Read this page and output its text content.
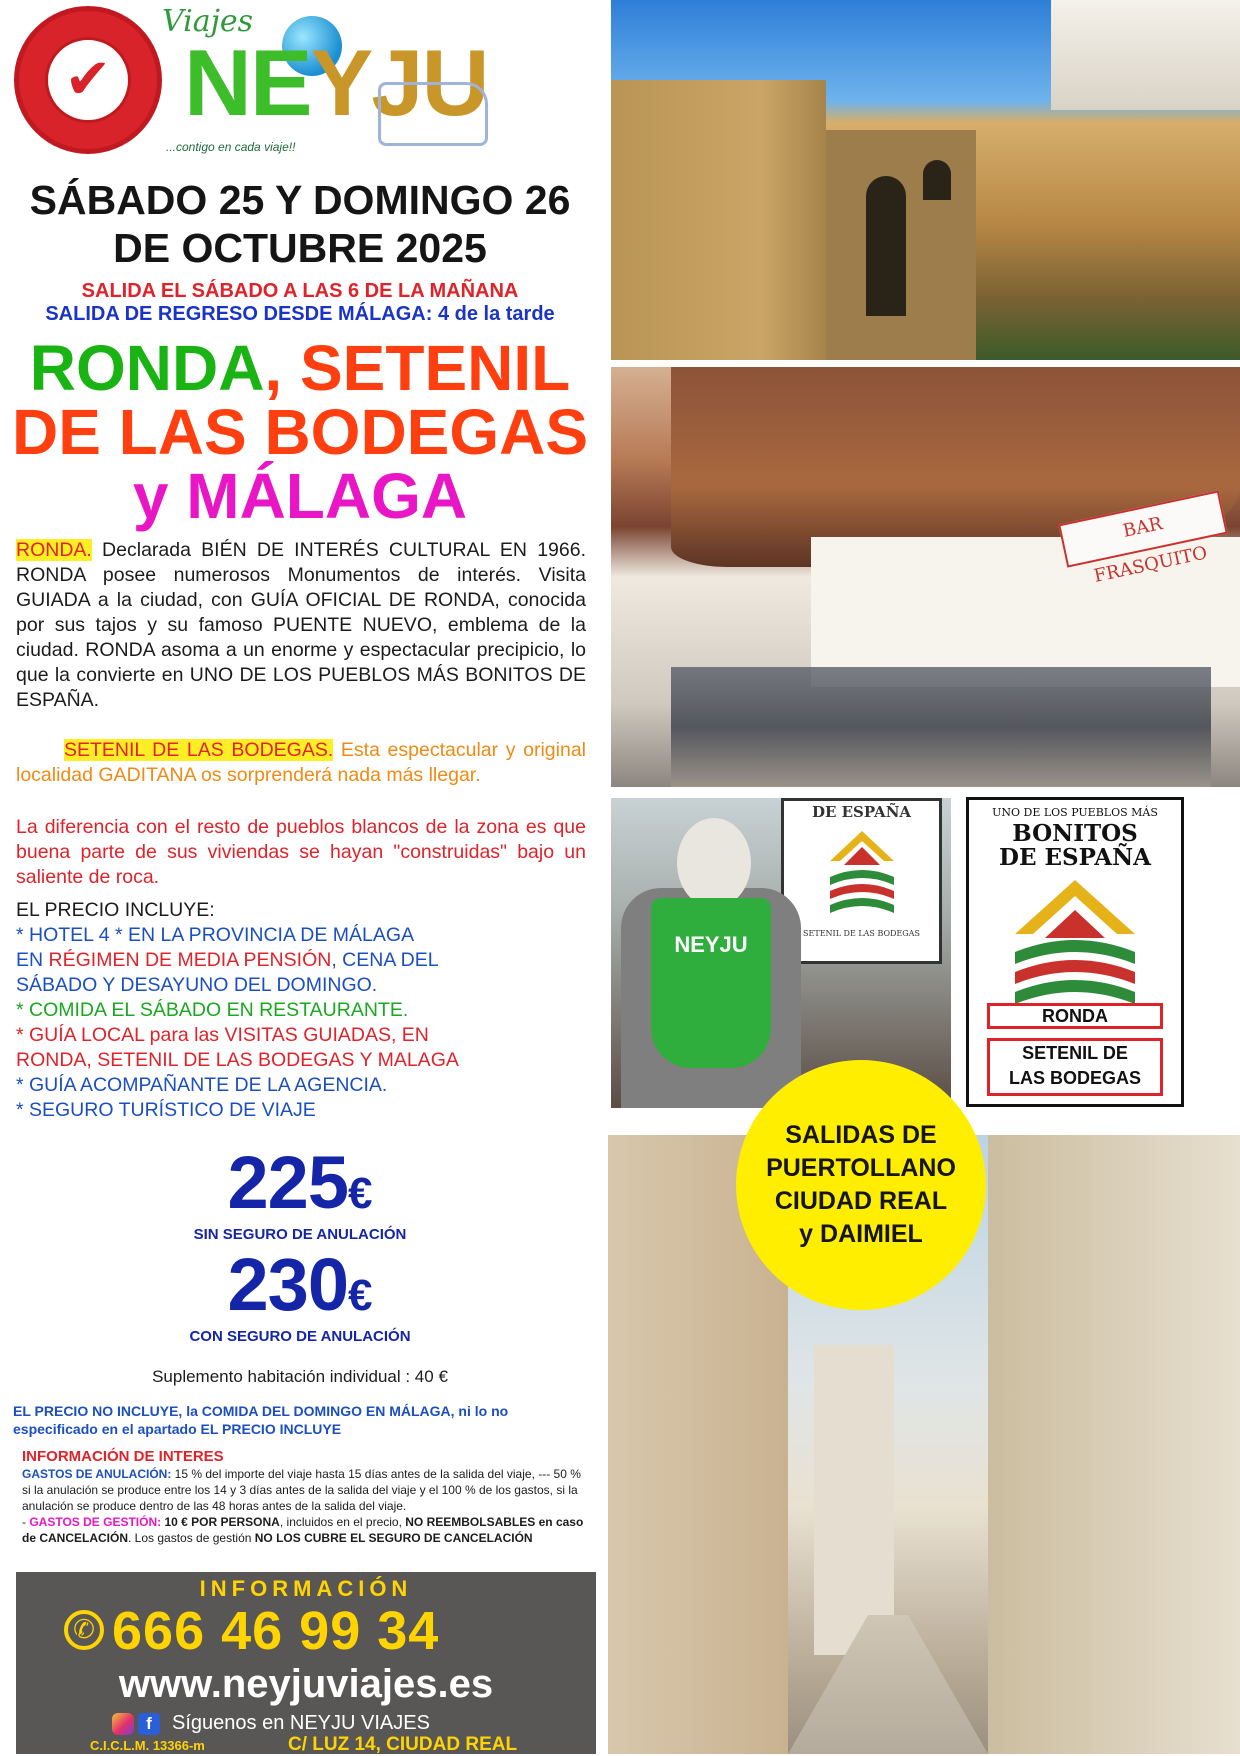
✔
Viajes
NEYJU
...contigo en cada viaje!!
SÁBADO 25 Y DOMINGO 26
DE OCTUBRE 2025
SALIDA EL SÁBADO A LAS 6 DE LA MAÑANA
SALIDA DE REGRESO DESDE MÁLAGA: 4 de la tarde
RONDA, SETENIL
DE LAS BODEGAS
y MÁLAGA
RONDA. Declarada BIÉN DE INTERÉS CULTURAL EN 1966. RONDA posee numerosos Monumentos de interés. Visita GUIADA a la ciudad, con GUÍA OFICIAL DE RONDA, conocida por sus tajos y su famoso PUENTE NUEVO, emblema de la ciudad. RONDA asoma a un enorme y espectacular precipicio, lo que la convierte en UNO DE LOS PUEBLOS MÁS BONITOS DE ESPAÑA.
SETENIL DE LAS BODEGAS. Esta espectacular y original localidad GADITANA os sorprenderá nada más llegar.
La diferencia con el resto de pueblos blancos de la zona es que buena parte de sus viviendas se hayan "construidas" bajo un saliente de roca.
EL PRECIO INCLUYE:
* HOTEL 4 * EN LA PROVINCIA DE MÁLAGA
EN RÉGIMEN DE MEDIA PENSIÓN, CENA DEL
SÁBADO Y DESAYUNO DEL DOMINGO.
* COMIDA EL SÁBADO EN RESTAURANTE.
* GUÍA LOCAL para las VISITAS GUIADAS, EN
RONDA, SETENIL DE LAS BODEGAS Y MALAGA
* GUÍA ACOMPAÑANTE DE LA AGENCIA.
* SEGURO TURÍSTICO DE VIAJE
225€
SIN SEGURO DE ANULACIÓN
230€
CON SEGURO DE ANULACIÓN
Suplemento habitación individual : 40 €
EL PRECIO NO INCLUYE, la COMIDA DEL DOMINGO EN MÁLAGA, ni lo no especificado en el apartado EL PRECIO INCLUYE
INFORMACIÓN DE INTERES
GASTOS DE ANULACIÓN: 15 % del importe del viaje hasta 15 días antes de la salida del viaje, --- 50 % si la anulación se produce entre los 14 y 3 días antes de la salida del viaje y el 100 % de los gastos, si la anulación se produce dentro de las 48 horas antes de la salida del viaje.
- GASTOS DE GESTIÓN: 10 € POR PERSONA, incluidos en el precio, NO REEMBOLSABLES en caso de CANCELACIÓN. Los gastos de gestión NO LOS CUBRE EL SEGURO DE CANCELACIÓN
INFORMACIÓN
✆ 666 46 99 34
www.neyjuviajes.es
f Síguenos en NEYJU VIAJES
C.I.C.L.M. 13366-m	C/ LUZ 14, CIUDAD REAL
BAR FRASQUITO
DE ESPAÑA
SETENIL DE LAS BODEGAS
NEYJU
UNO DE LOS PUEBLOS MÁS
BONITOS
DE ESPAÑA
RONDA
SETENIL DE
LAS BODEGAS
SALIDAS DE
PUERTOLLANO
CIUDAD REAL
y DAIMIEL
